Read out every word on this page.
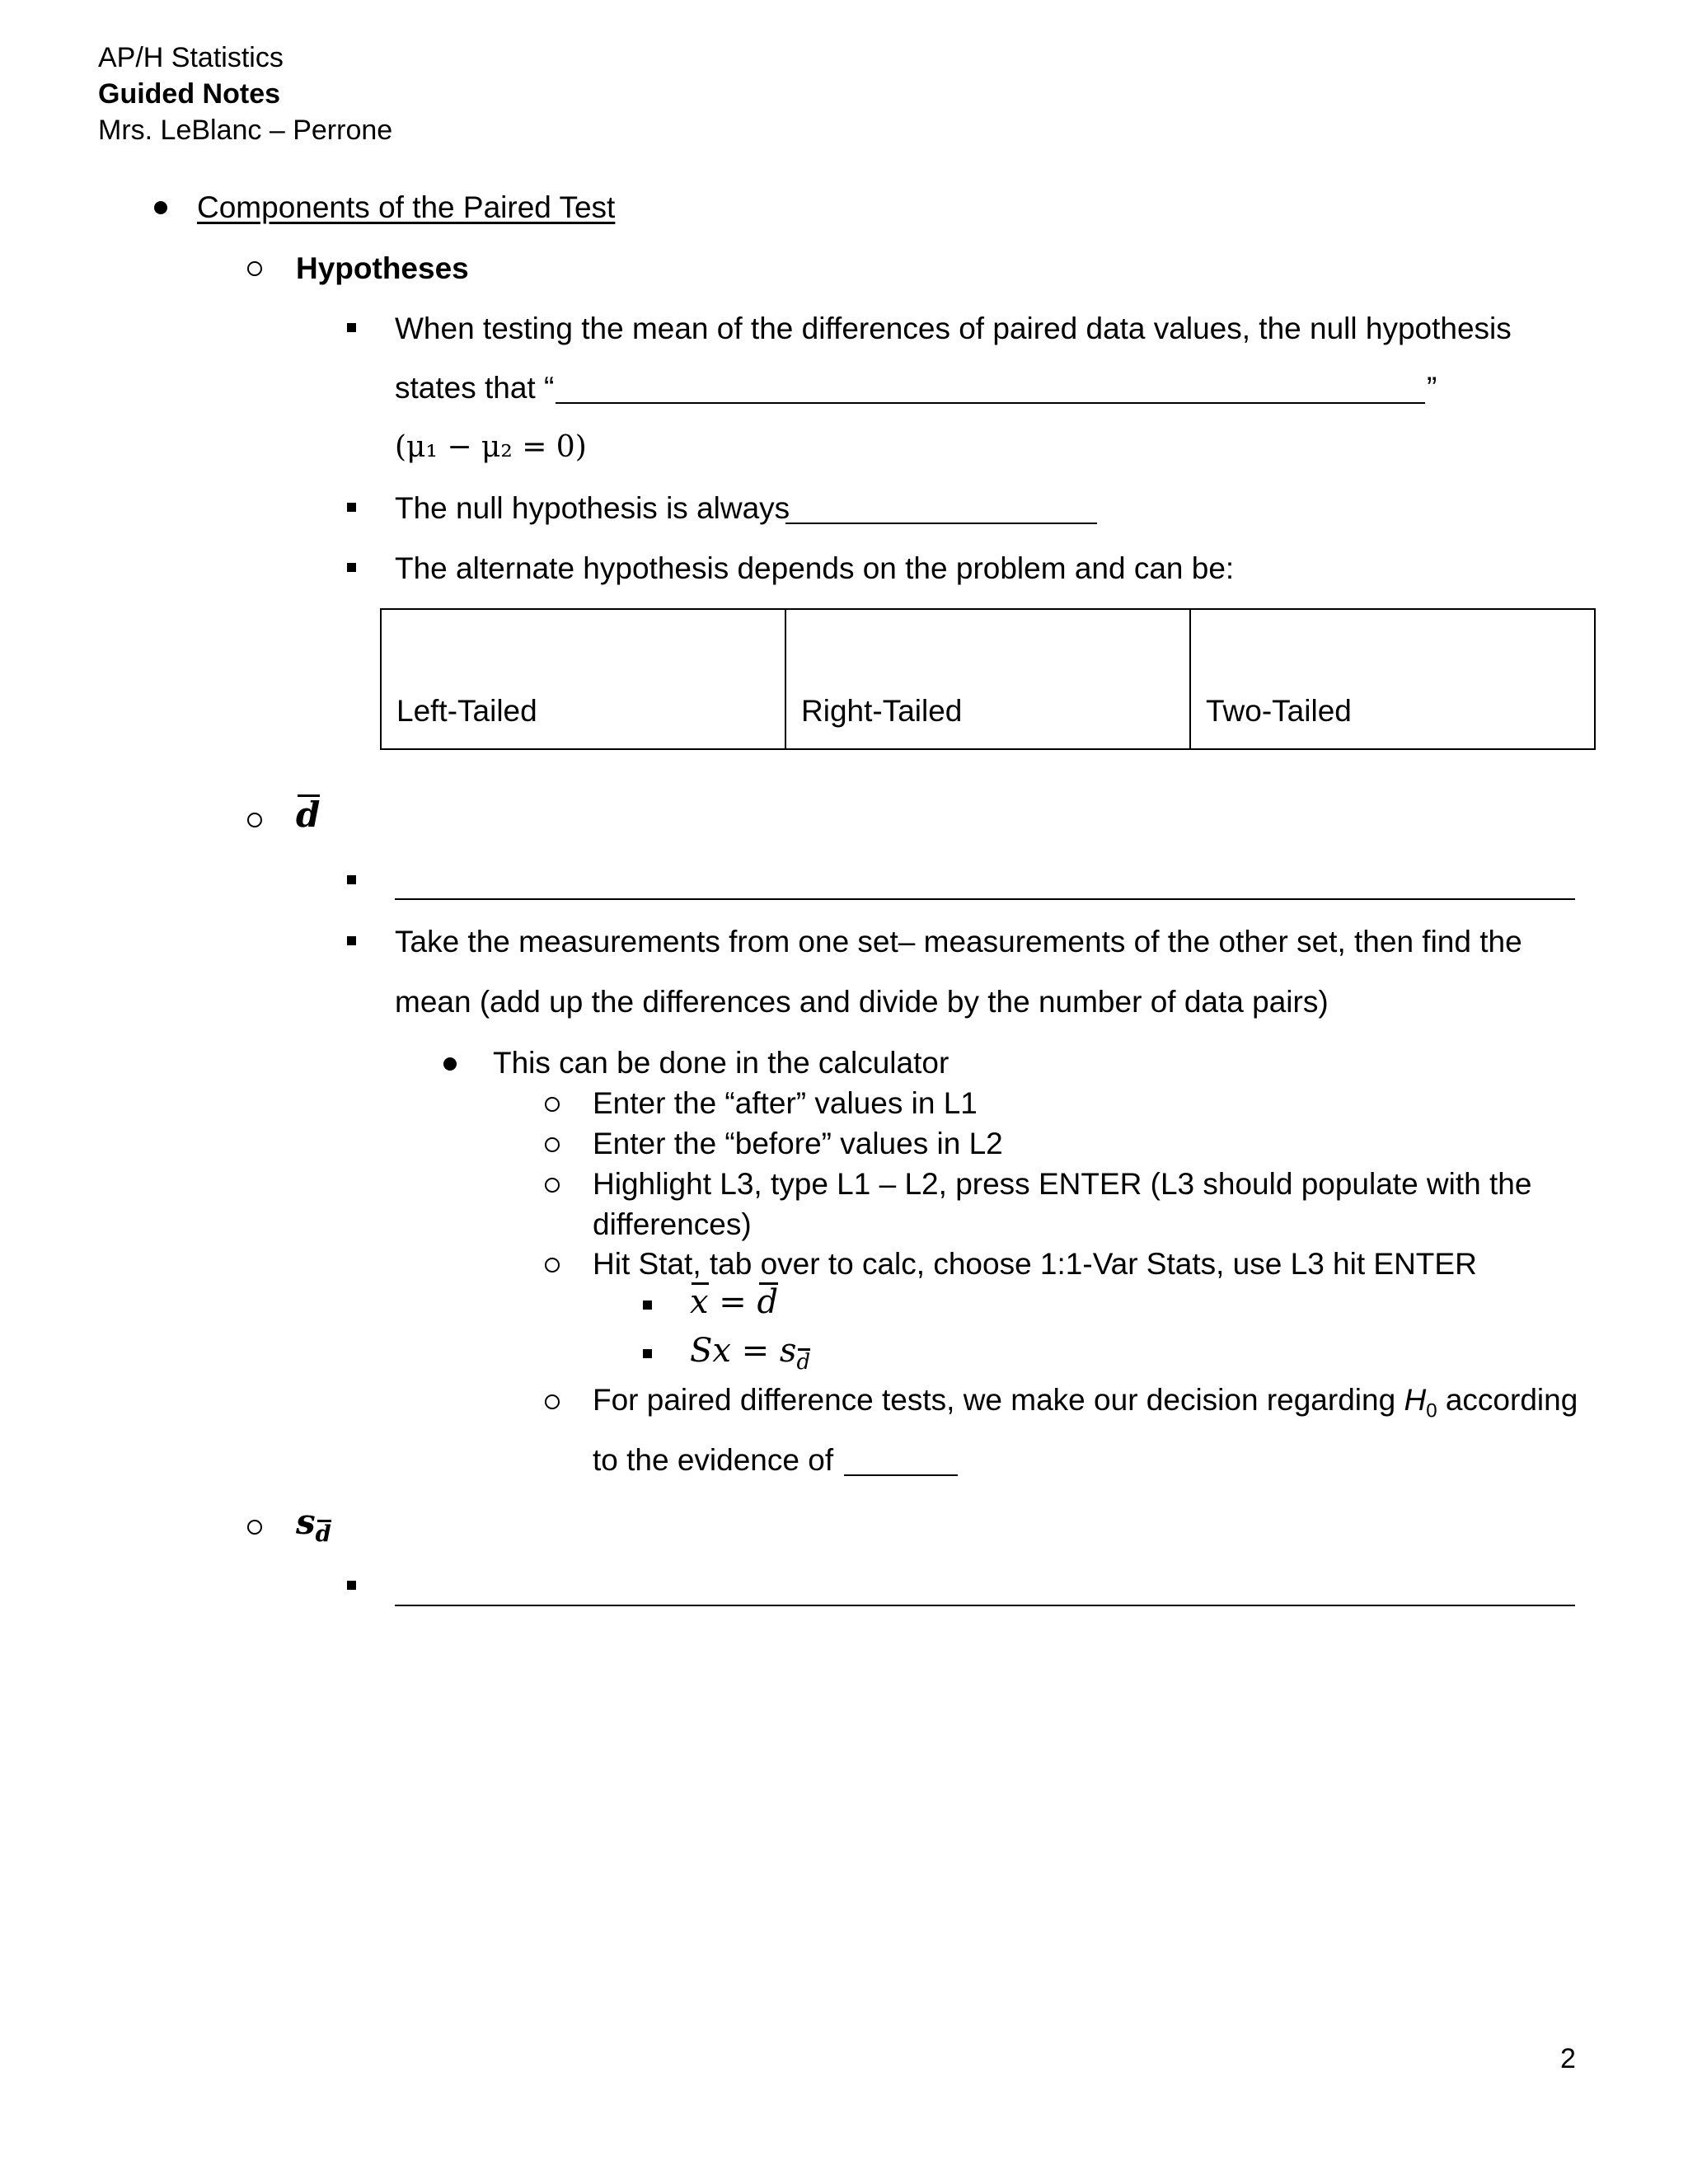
AP/H Statistics
Guided Notes
Mrs. LeBlanc – Perrone
Components of the Paired Test
Hypotheses
When testing the mean of the differences of paired data values, the null hypothesis
states that “	”
(μ₁ − μ₂ = 0)
The null hypothesis is always
The alternate hypothesis depends on the problem and can be:
Left-Tailed	Right-Tailed	Two-Tailed
d
Take the measurements from one set– measurements of the other set, then find the
mean (add up the differences and divide by the number of data pairs)
This can be done in the calculator
Enter the “after” values in L1
Enter the “before” values in L2
Highlight L3, type L1 – L2, press ENTER (L3 should populate with the
differences)
Hit Stat, tab over to calc, choose 1:1-Var Stats, use L3 hit ENTER
x = d
$Sx = s_d$
For paired difference tests, we make our decision regarding $H_0$ according
to the evidence of
$s_d$
2
